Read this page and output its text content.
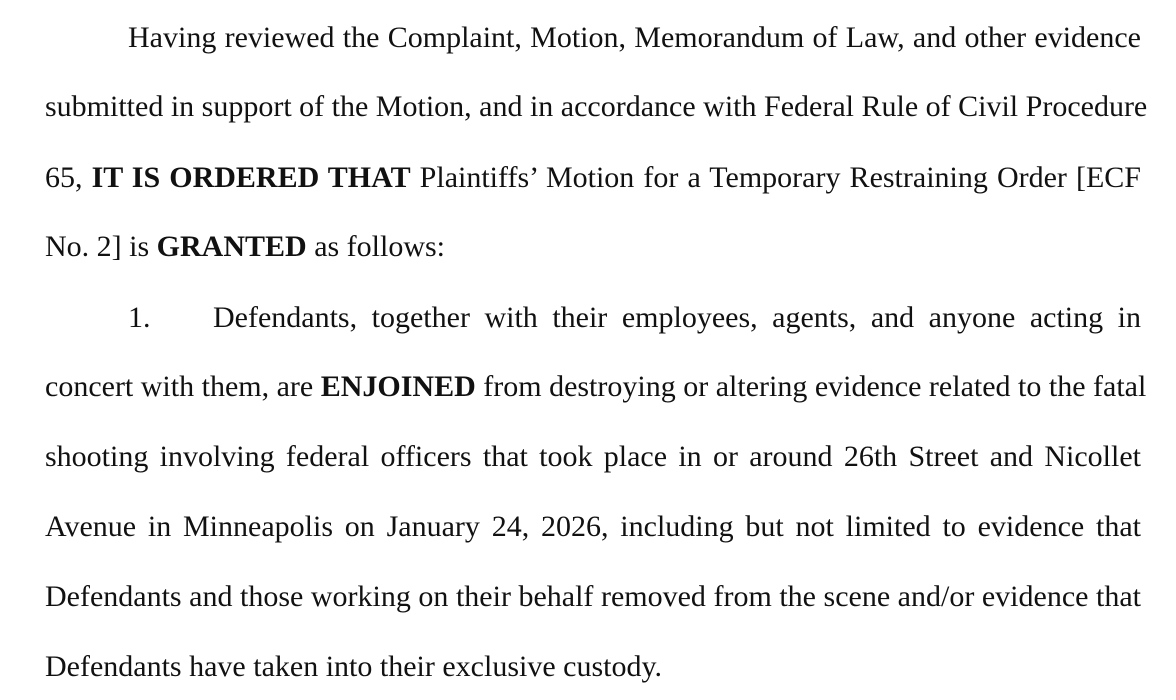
Having reviewed the Complaint, Motion, Memorandum of Law, and other evidence
submitted in support of the Motion, and in accordance with Federal Rule of Civil Procedure
65, IT IS ORDERED THAT Plaintiffs’ Motion for a Temporary Restraining Order [ECF
No. 2] is GRANTED as follows:
1. Defendants, together with their employees, agents, and anyone acting in
concert with them, are ENJOINED from destroying or altering evidence related to the fatal
shooting involving federal officers that took place in or around 26th Street and Nicollet
Avenue in Minneapolis on January 24, 2026, including but not limited to evidence that
Defendants and those working on their behalf removed from the scene and/or evidence that
Defendants have taken into their exclusive custody.
